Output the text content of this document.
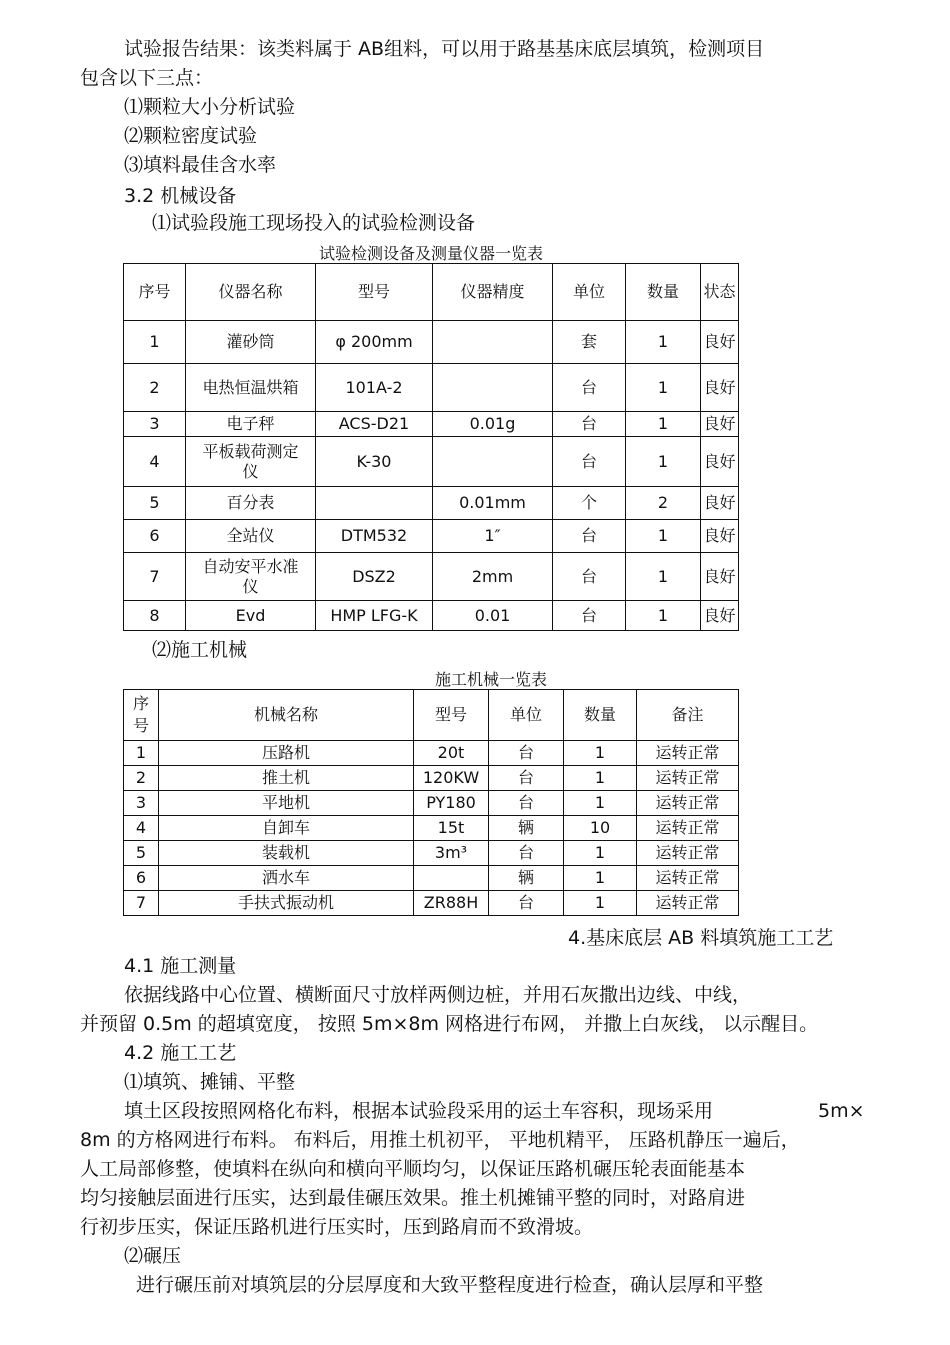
试验报告结果：该类料属于 AB组料，可以用于路基基床底层填筑，检测项目
包含以下三点：
⑴颗粒大小分析试验
⑵颗粒密度试验
⑶填料最佳含水率
3.2 机械设备
⑴试验段施工现场投入的试验检测设备
试验检测设备及测量仪器一览表
序号	仪器名称	型号	仪器精度	单位	数量	状态
1	灌砂筒	φ 200mm		套	1	良好
2	电热恒温烘箱	101A-2		台	1	良好
3	电子秤	ACS-D21	0.01g	台	1	良好
4	平板载荷测定仪	K-30		台	1	良好
5	百分表		0.01mm	个	2	良好
6	全站仪	DTM532	1″	台	1	良好
7	自动安平水准仪	DSZ2	2mm	台	1	良好
8	Evd	HMP LFG-K	0.01	台	1	良好
⑵施工机械
施工机械一览表
序号	机械名称	型号	单位	数量	备注
1	压路机	20t	台	1	运转正常
2	推土机	120KW	台	1	运转正常
3	平地机	PY180	台	1	运转正常
4	自卸车	15t	辆	10	运转正常
5	装载机	3m³	台	1	运转正常
6	洒水车		辆	1	运转正常
7	手扶式振动机	ZR88H	台	1	运转正常
4.基床底层 AB 料填筑施工工艺
4.1 施工测量
依据线路中心位置、横断面尺寸放样两侧边桩，并用石灰撒出边线、中线，
并预留 0.5m 的超填宽度， 按照 5m×8m 网格进行布网， 并撒上白灰线， 以示醒目。
4.2 施工工艺
⑴填筑、摊铺、平整
填土区段按照网格化布料，根据本试验段采用的运土车容积，现场采用	5m×
8m 的方格网进行布料。 布料后，用推土机初平， 平地机精平， 压路机静压一遍后，
人工局部修整，使填料在纵向和横向平顺均匀，以保证压路机碾压轮表面能基本
均匀接触层面进行压实，达到最佳碾压效果。推土机摊铺平整的同时，对路肩进
行初步压实，保证压路机进行压实时，压到路肩而不致滑坡。
⑵碾压
进行碾压前对填筑层的分层厚度和大致平整程度进行检查，确认层厚和平整
